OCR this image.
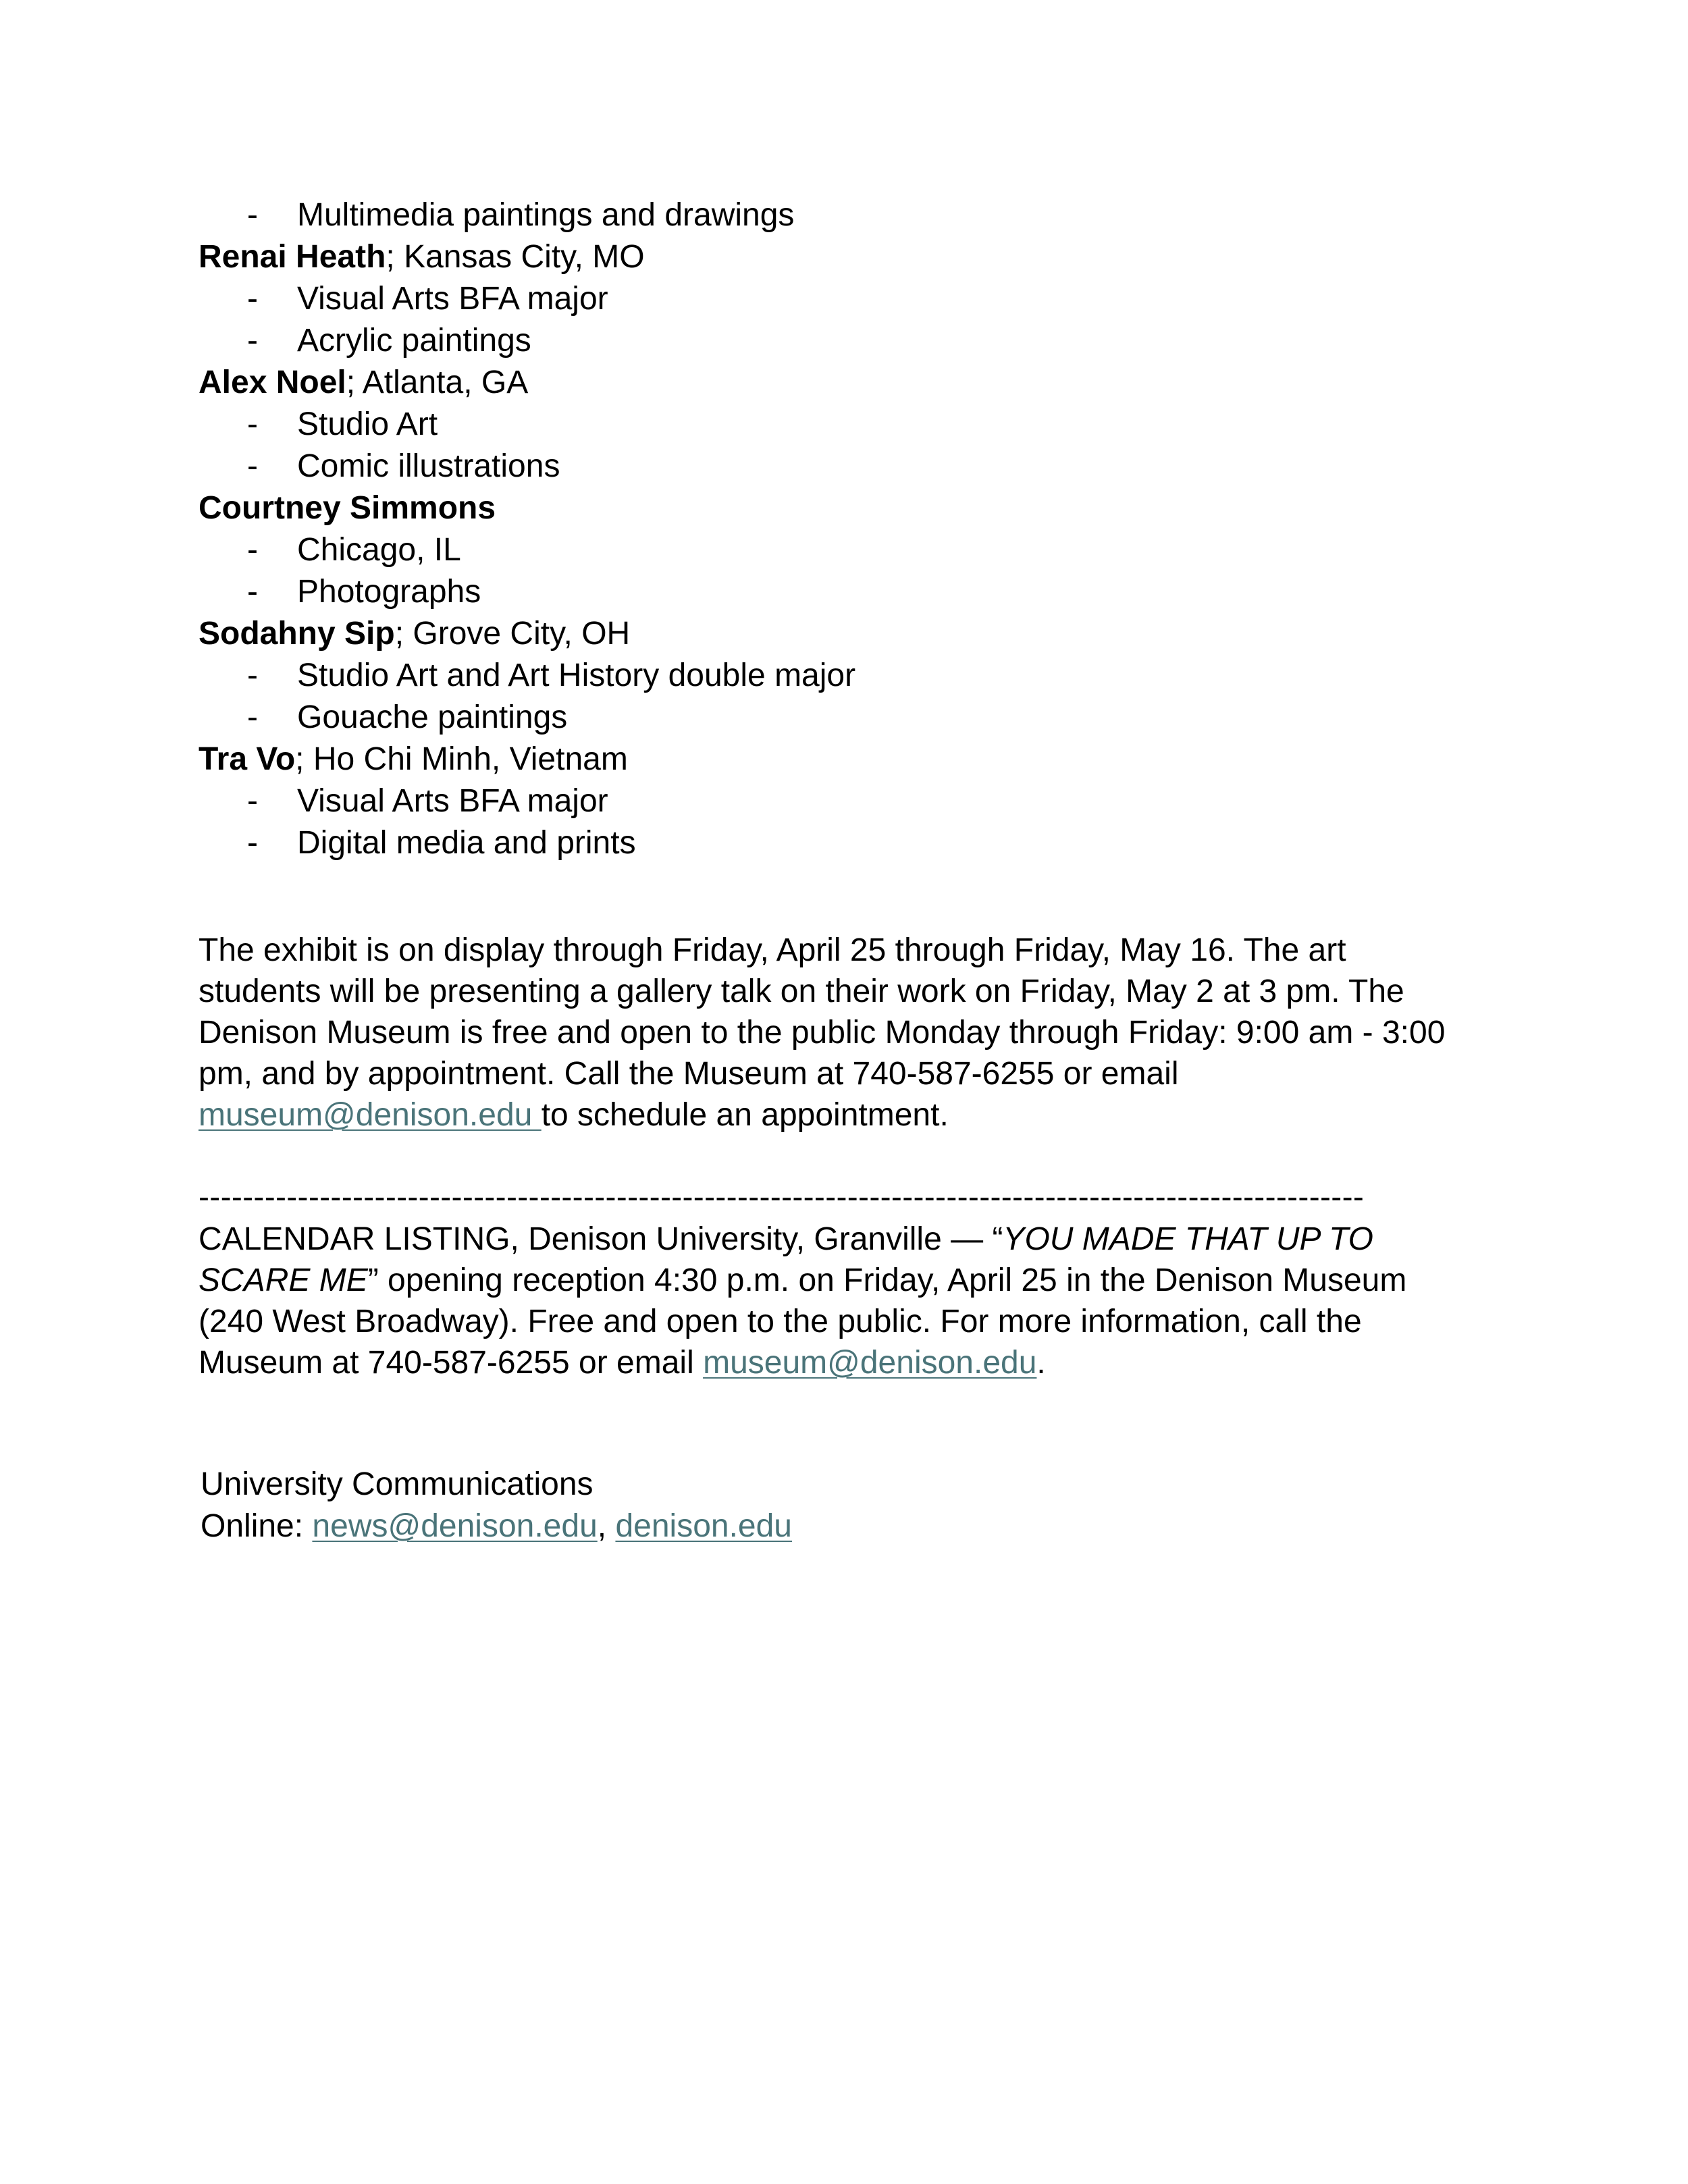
- Multimedia paintings and drawings
Renai Heath; Kansas City, MO
- Visual Arts BFA major
- Acrylic paintings
Alex Noel; Atlanta, GA
- Studio Art
- Comic illustrations
Courtney Simmons
- Chicago, IL
- Photographs
Sodahny Sip; Grove City, OH
- Studio Art and Art History double major
- Gouache paintings
Tra Vo; Ho Chi Minh, Vietnam
- Visual Arts BFA major
- Digital media and prints
The exhibit is on display through Friday, April 25 through Friday, May 16. The art students will be presenting a gallery talk on their work on Friday, May 2 at 3 pm. The Denison Museum is free and open to the public Monday through Friday: 9:00 am - 3:00 pm, and by appointment. Call the Museum at 740-587-6255 or email museum@denison.edu to schedule an appointment.
----------------------------------------------------------------------------------------------------------
CALENDAR LISTING, Denison University, Granville — “YOU MADE THAT UP TO SCARE ME” opening reception 4:30 p.m. on Friday, April 25 in the Denison Museum (240 West Broadway). Free and open to the public. For more information, call the Museum at 740-587-6255 or email museum@denison.edu.
University Communications
Online: news@denison.edu, denison.edu
